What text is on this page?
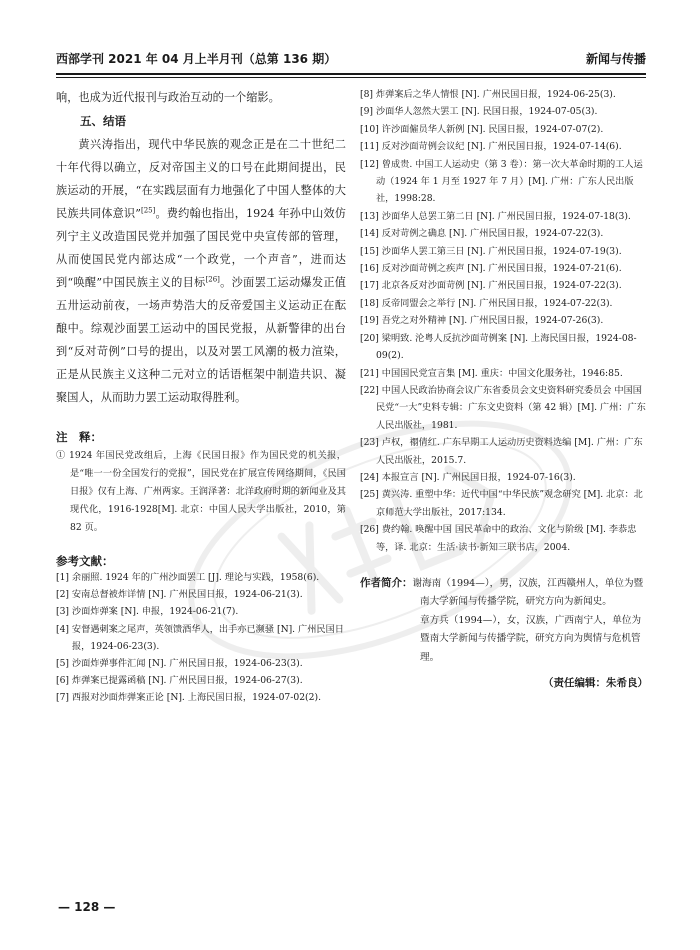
西部学刊 2021 年 04 月上半月刊（总第 136 期）	新闻与传播

响，也成为近代报刊与政治互动的一个缩影。

五、结语

黄兴涛指出，现代中华民族的观念正是在二十世纪二十年代得以确立，反对帝国主义的口号在此期间提出，民族运动的开展，“在实践层面有力地强化了中国人整体的大民族共同体意识”[25]。费约翰也指出，1924 年孙中山效仿列宁主义改造国民党并加强了国民党中央宣传部的管理，从而使国民党内部达成“一个政党，一个声音”，进而达到“唤醒”中国民族主义的目标[26]。沙面罢工运动爆发正值五卅运动前夜，一场声势浩大的反帝爱国主义运动正在酝酿中。综观沙面罢工运动中的国民党报，从新警律的出台到“反对苛例”口号的提出，以及对罢工风潮的极力渲染，正是从民族主义这种二元对立的话语框架中制造共识、凝聚国人，从而助力罢工运动取得胜利。

注　释：

① 1924 年国民党改组后，上海《民国日报》作为国民党的机关报，是“唯一一份全国发行的党报”，国民党在扩展宣传网络期间，《民国日报》仅有上海、广州两家。王润泽著：北洋政府时期的新闻业及其现代化，1916-1928[M]. 北京：中国人民大学出版社，2010，第 82 页。

参考文献：

[1] 余丽照. 1924 年的广州沙面罢工 [J]. 理论与实践，1958(6).

[2] 安南总督被炸详情 [N]. 广州民国日报，1924-06-21(3).

[3] 沙面炸弹案 [N]. 申报，1924-06-21(7).

[4] 安督遇刺案之尾声，英领馈酒华人，出手亦已濒骚 [N]. 广州民国日报，1924-06-23(3).

[5] 沙面炸弹事件汇闻 [N]. 广州民国日报，1924-06-23(3).

[6] 炸弹案已提露函稿 [N]. 广州民国日报，1924-06-27(3).

[7] 西报对沙面炸弹案正论 [N]. 上海民国日报，1924-07-02(2).

[8] 炸弹案后之华人情恨 [N]. 广州民国日报，1924-06-25(3).

[9] 沙面华人忽然大罢工 [N]. 民国日报，1924-07-05(3).

[10] 许沙面僱员华人新例 [N]. 民国日报，1924-07-07(2).

[11] 反对沙面苛例会议纪 [N]. 广州民国日报，1924-07-14(6).

[12] 曾成贵. 中国工人运动史（第 3 卷）：第一次大革命时期的工人运动（1924 年 1 月至 1927 年 7 月）[M]. 广州：广东人民出版社，1998:28.

[13] 沙面华人总罢工第二日 [N]. 广州民国日报，1924-07-18(3).

[14] 反对苛例之确息 [N]. 广州民国日报，1924-07-22(3).

[15] 沙面华人罢工第三日 [N]. 广州民国日报，1924-07-19(3).

[16] 反对沙面苛例之疾声 [N]. 广州民国日报，1924-07-21(6).

[17] 北京各反对沙面苛例 [N]. 广州民国日报，1924-07-22(3).

[18] 反帝同盟会之举行 [N]. 广州民国日报，1924-07-22(3).

[19] 吾党之对外精神 [N]. 广州民国日报，1924-07-26(3).

[20] 梁明致. 沦粤人反抗沙面苛例案 [N]. 上海民国日报，1924-08-09(2).

[21] 中国国民党宣言集 [M]. 重庆：中国文化服务社，1946:85.

[22] 中国人民政治协商会议广东省委员会文史资料研究委员会 中国国民党“一大”史料专辑：广东文史资料（第 42 辑）[M]. 广州：广东人民出版社，1981.

[23] 卢权，禤倩红. 广东早期工人运动历史资料选编 [M]. 广州：广东人民出版社，2015.7.

[24] 本报宣言 [N]. 广州民国日报，1924-07-16(3).

[25] 黄兴涛. 重塑中华：近代中国“中华民族”观念研究 [M]. 北京：北京师范大学出版社，2017:134.

[26] 费约翰. 唤醒中国 国民革命中的政治、文化与阶级 [M]. 李恭忠等，译. 北京：生活·读书·新知三联书店，2004.

作者简介：谢海南（1994—），男，汉族，江西赣州人，单位为暨南大学新闻与传播学院，研究方向为新闻史。

章方兵（1994—），女，汉族，广西南宁人，单位为暨南大学新闻与传播学院，研究方向为舆情与危机管理。

（责任编辑：朱希良）

— 128 —
